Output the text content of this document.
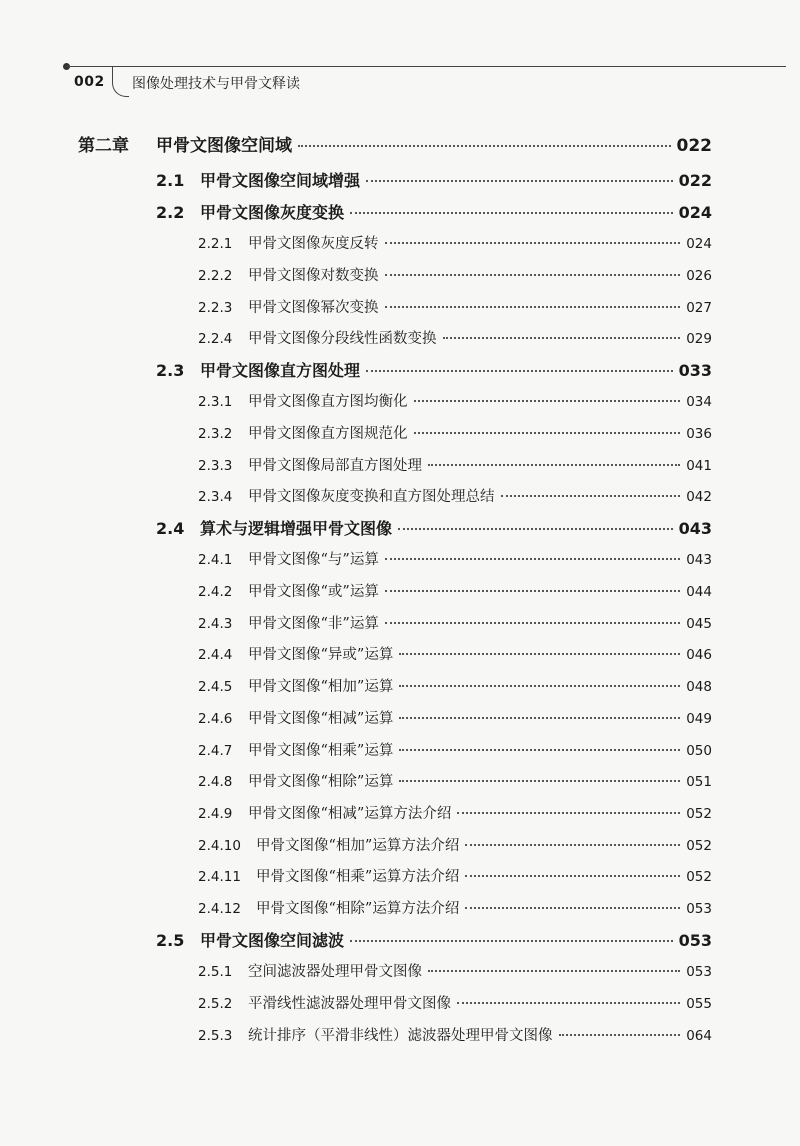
002 图像处理技术与甲骨文释读
第二章	甲骨文图像空间域	022
2.1 甲骨文图像空间域增强	022
2.2 甲骨文图像灰度变换	024
2.2.1	甲骨文图像灰度反转	024
2.2.2	甲骨文图像对数变换	026
2.2.3	甲骨文图像幂次变换	027
2.2.4	甲骨文图像分段线性函数变换	029
2.3 甲骨文图像直方图处理	033
2.3.1	甲骨文图像直方图均衡化	034
2.3.2	甲骨文图像直方图规范化	036
2.3.3	甲骨文图像局部直方图处理	041
2.3.4	甲骨文图像灰度变换和直方图处理总结	042
2.4 算术与逻辑增强甲骨文图像	043
2.4.1	甲骨文图像“与”运算	043
2.4.2	甲骨文图像“或”运算	044
2.4.3	甲骨文图像“非”运算	045
2.4.4	甲骨文图像“异或”运算	046
2.4.5	甲骨文图像“相加”运算	048
2.4.6	甲骨文图像“相减”运算	049
2.4.7	甲骨文图像“相乘”运算	050
2.4.8	甲骨文图像“相除”运算	051
2.4.9	甲骨文图像“相减”运算方法介绍	052
2.4.10	甲骨文图像“相加”运算方法介绍	052
2.4.11	甲骨文图像“相乘”运算方法介绍	052
2.4.12	甲骨文图像“相除”运算方法介绍	053
2.5 甲骨文图像空间滤波	053
2.5.1	空间滤波器处理甲骨文图像	053
2.5.2	平滑线性滤波器处理甲骨文图像	055
2.5.3	统计排序（平滑非线性）滤波器处理甲骨文图像	064
